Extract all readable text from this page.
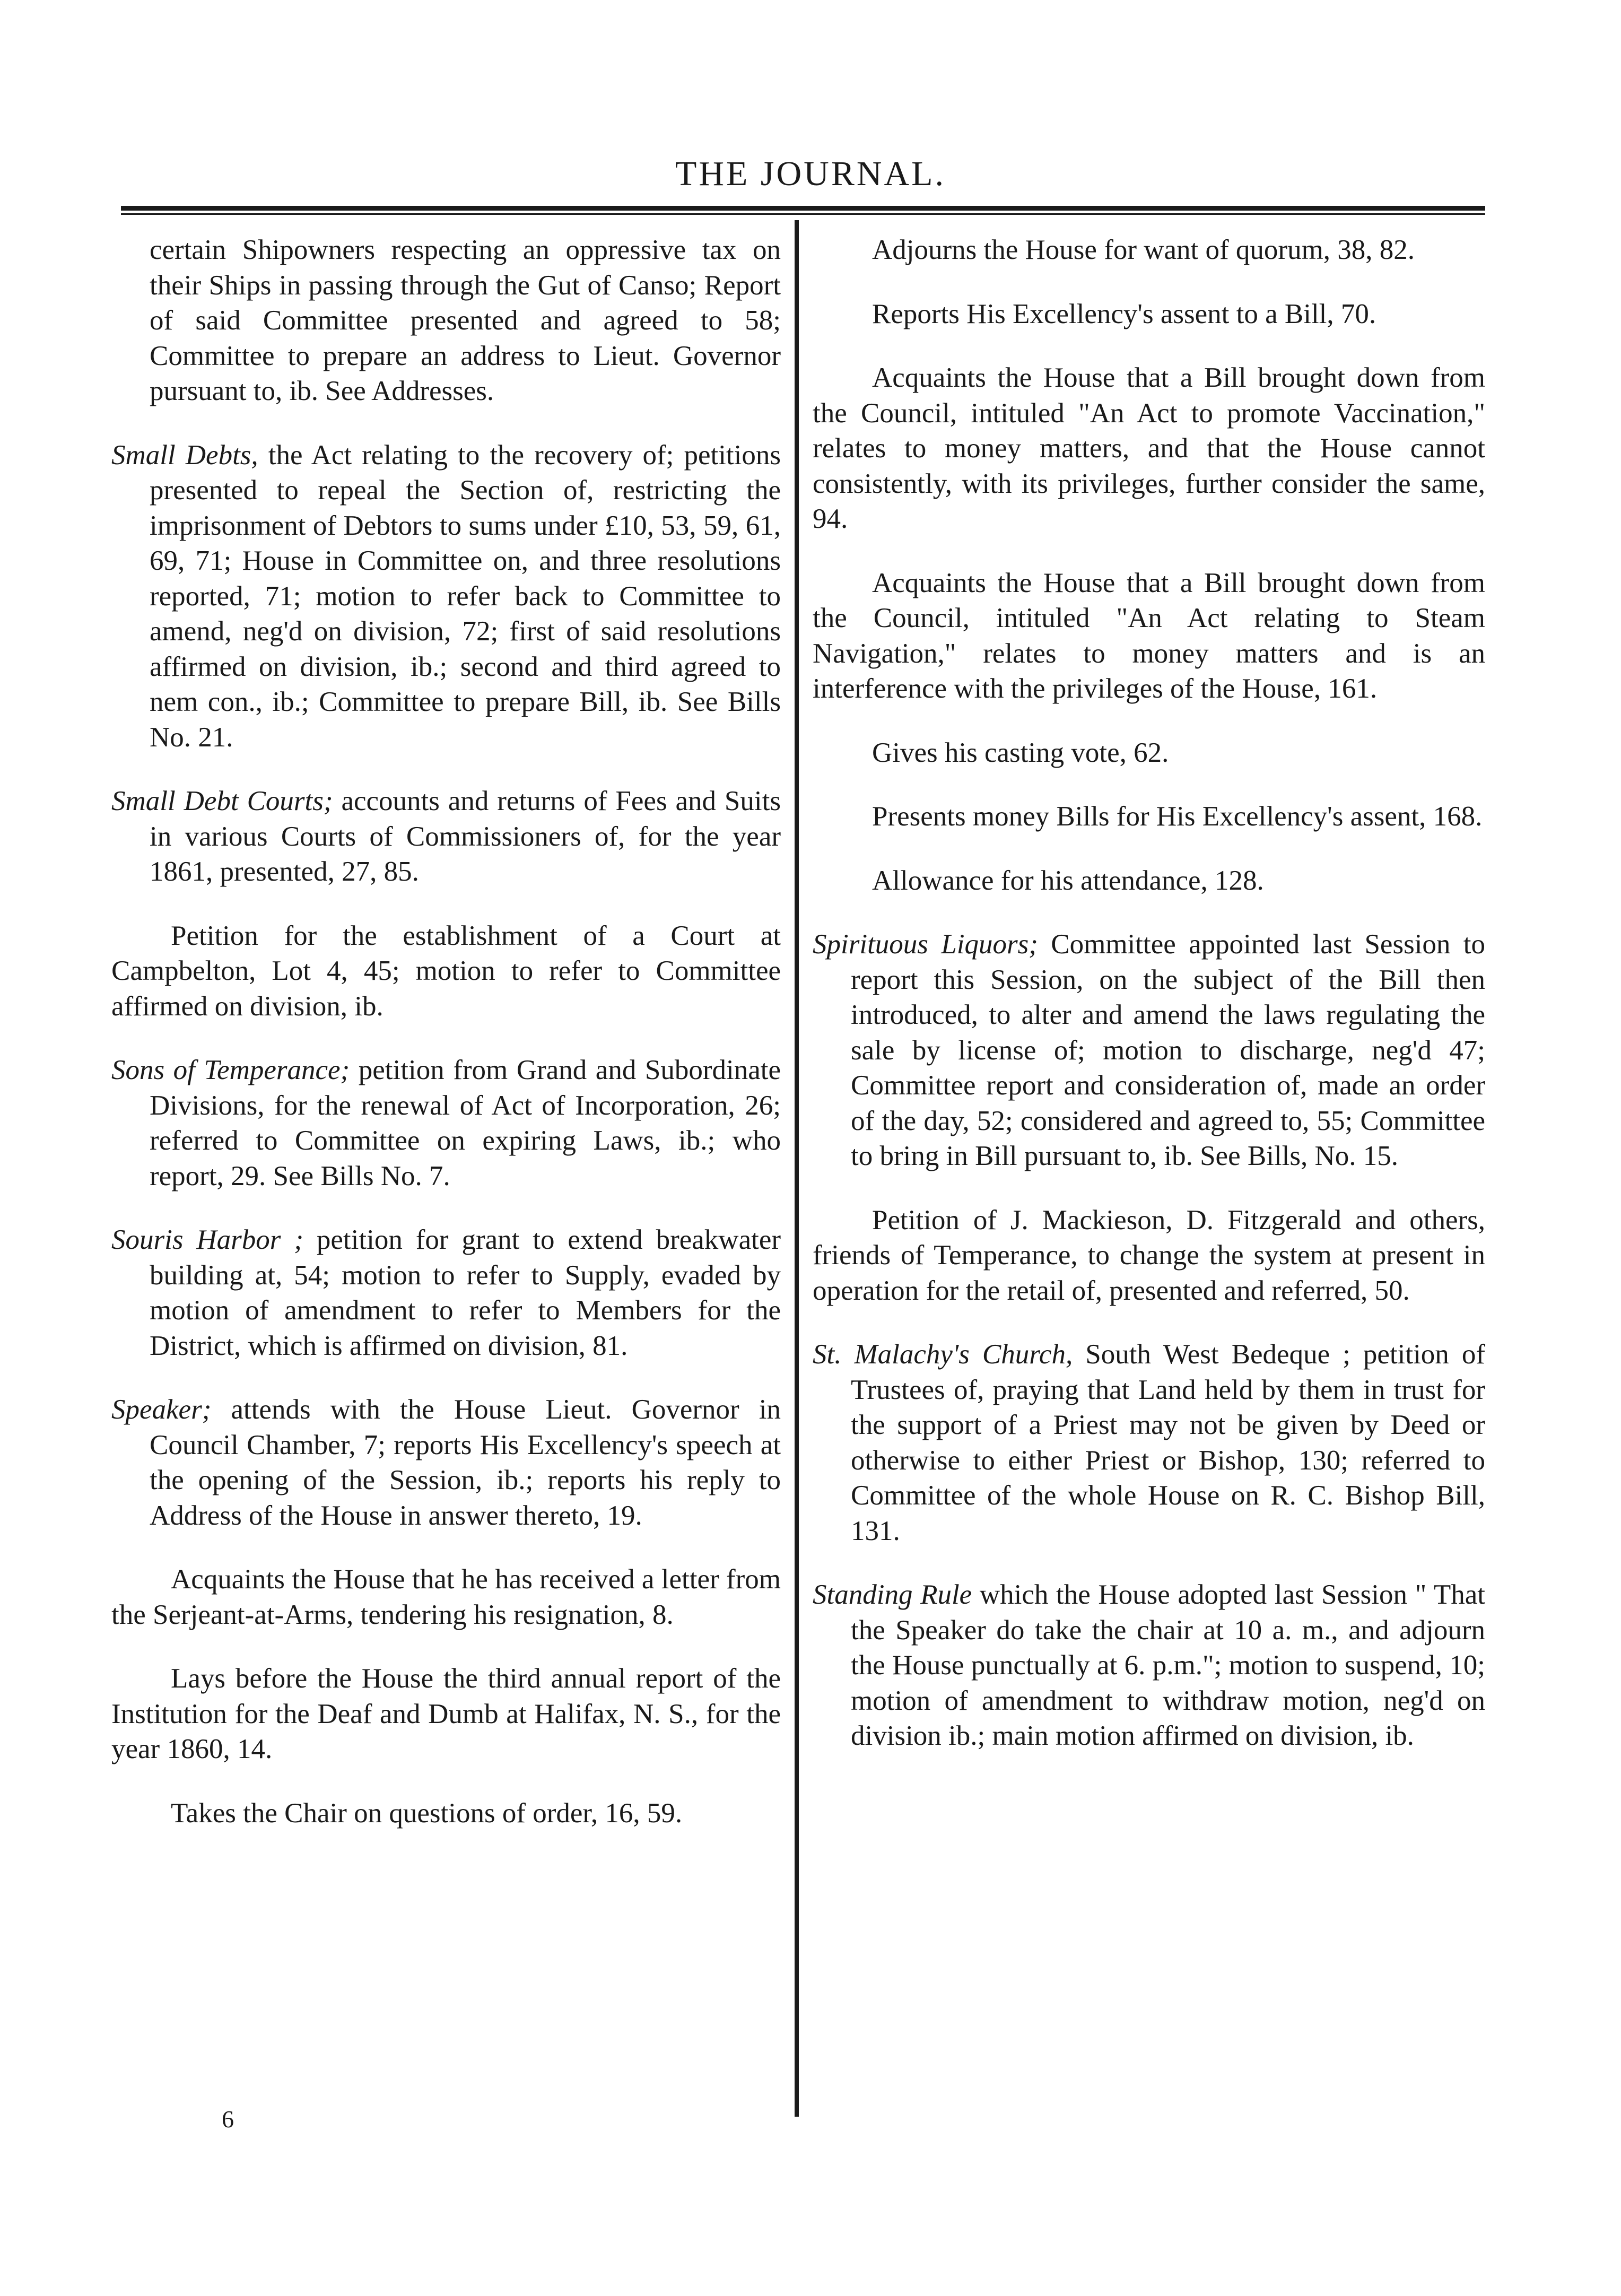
THE JOURNAL.

certain Shipowners respecting an oppressive tax on their Ships in passing through the Gut of Canso; Report of said Committee presented and agreed to 58; Committee to prepare an address to Lieut. Governor pursuant to, ib. See Addresses.

Small Debts, the Act relating to the recovery of; petitions presented to repeal the Section of, restricting the imprisonment of Debtors to sums under £10, 53, 59, 61, 69, 71; House in Committee on, and three resolutions reported, 71; motion to refer back to Committee to amend, neg'd on division, 72; first of said resolutions affirmed on division, ib.; second and third agreed to nem con., ib.; Committee to prepare Bill, ib. See Bills No. 21.

Small Debt Courts; accounts and returns of Fees and Suits in various Courts of Commissioners of, for the year 1861, presented, 27, 85.

Petition for the establishment of a Court at Campbelton, Lot 4, 45; motion to refer to Committee affirmed on division, ib.

Sons of Temperance; petition from Grand and Subordinate Divisions, for the renewal of Act of Incorporation, 26; referred to Committee on expiring Laws, ib.; who report, 29. See Bills No. 7.

Souris Harbor ; petition for grant to extend breakwater building at, 54; motion to refer to Supply, evaded by motion of amendment to refer to Members for the District, which is affirmed on division, 81.

Speaker; attends with the House Lieut. Governor in Council Chamber, 7; reports His Excellency's speech at the opening of the Session, ib.; reports his reply to Address of the House in answer thereto, 19.

Acquaints the House that he has received a letter from the Serjeant-at-Arms, tendering his resignation, 8.

Lays before the House the third annual report of the Institution for the Deaf and Dumb at Halifax, N. S., for the year 1860, 14.

Takes the Chair on questions of order, 16, 59.

Adjourns the House for want of quorum, 38, 82.

Reports His Excellency's assent to a Bill, 70.

Acquaints the House that a Bill brought down from the Council, intituled "An Act to promote Vaccination," relates to money matters, and that the House cannot consistently, with its privileges, further consider the same, 94.

Acquaints the House that a Bill brought down from the Council, intituled "An Act relating to Steam Navigation," relates to money matters and is an interference with the privileges of the House, 161.

Gives his casting vote, 62.

Presents money Bills for His Excellency's assent, 168.

Allowance for his attendance, 128.

Spirituous Liquors; Committee appointed last Session to report this Session, on the subject of the Bill then introduced, to alter and amend the laws regulating the sale by license of; motion to discharge, neg'd 47; Committee report and consideration of, made an order of the day, 52; considered and agreed to, 55; Committee to bring in Bill pursuant to, ib. See Bills, No. 15.

Petition of J. Mackieson, D. Fitzgerald and others, friends of Temperance, to change the system at present in operation for the retail of, presented and referred, 50.

St. Malachy's Church, South West Bedeque ; petition of Trustees of, praying that Land held by them in trust for the support of a Priest may not be given by Deed or otherwise to either Priest or Bishop, 130; referred to Committee of the whole House on R. C. Bishop Bill, 131.

Standing Rule which the House adopted last Session " That the Speaker do take the chair at 10 a. m., and adjourn the House punctually at 6. p.m."; motion to suspend, 10; motion of amendment to withdraw motion, neg'd on division ib.; main motion affirmed on division, ib.

6
